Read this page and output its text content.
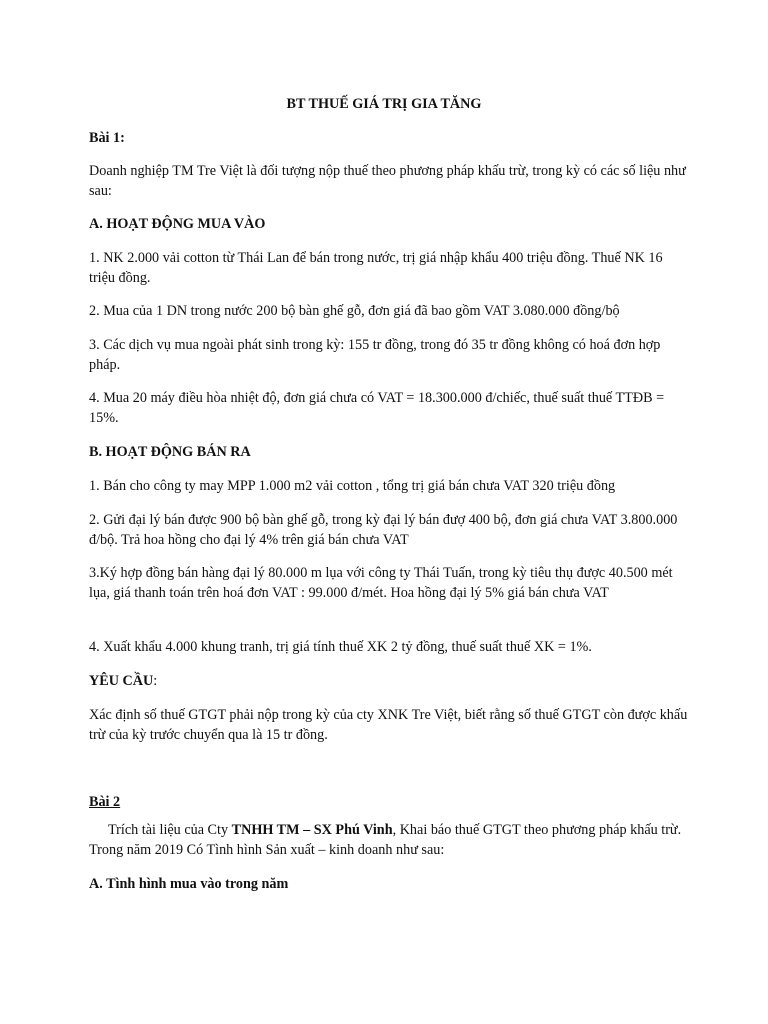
BT THUẾ GIÁ TRỊ GIA TĂNG

Bài 1:

Doanh nghiệp TM Tre Việt là đối tượng nộp thuế theo phương pháp khấu trừ, trong kỳ có các số liệu như sau:

A. HOẠT ĐỘNG MUA VÀO

1. NK 2.000 vải cotton từ Thái Lan để bán trong nước, trị giá nhập khẩu 400 triệu đồng. Thuế NK 16 triệu đồng.

2. Mua của 1 DN trong nước 200 bộ bàn ghế gỗ, đơn giá đã bao gồm VAT 3.080.000 đồng/bộ

3. Các dịch vụ mua ngoài phát sinh trong kỳ: 155 tr đồng, trong đó 35 tr đồng không có hoá đơn hợp pháp.

4. Mua 20 máy điều hòa nhiệt độ, đơn giá chưa có VAT = 18.300.000 đ/chiếc, thuế suất thuế TTĐB = 15%.

B. HOẠT ĐỘNG BÁN RA

1. Bán cho công ty may MPP 1.000 m2 vải cotton , tổng trị giá bán chưa VAT 320 triệu đồng

2. Gửi đại lý bán được 900 bộ bàn ghế gỗ, trong kỳ đại lý bán đượ 400 bộ, đơn giá chưa VAT 3.800.000 đ/bộ. Trả hoa hồng cho đại lý 4% trên giá bán chưa VAT

3.Ký hợp đồng bán hàng đại lý 80.000 m lụa với công ty Thái Tuấn, trong kỳ tiêu thụ được 40.500 mét lụa, giá thanh toán trên hoá đơn VAT : 99.000 đ/mét. Hoa hồng đại lý 5% giá bán chưa VAT

4. Xuất khẩu 4.000 khung tranh, trị giá tính thuế XK 2 tỷ đồng, thuế suất thuế XK = 1%.

YÊU CẦU:

Xác định số thuế GTGT phải nộp trong kỳ của cty XNK Tre Việt, biết rằng số thuế GTGT còn được khấu trừ của kỳ trước chuyển qua là 15 tr đồng.

Bài 2

Trích tài liệu của Cty TNHH TM – SX Phú Vinh, Khai báo thuế GTGT theo phương pháp khấu trừ. Trong năm 2019 Có Tình hình Sản xuất – kinh doanh như sau:

A. Tình hình mua vào trong năm
